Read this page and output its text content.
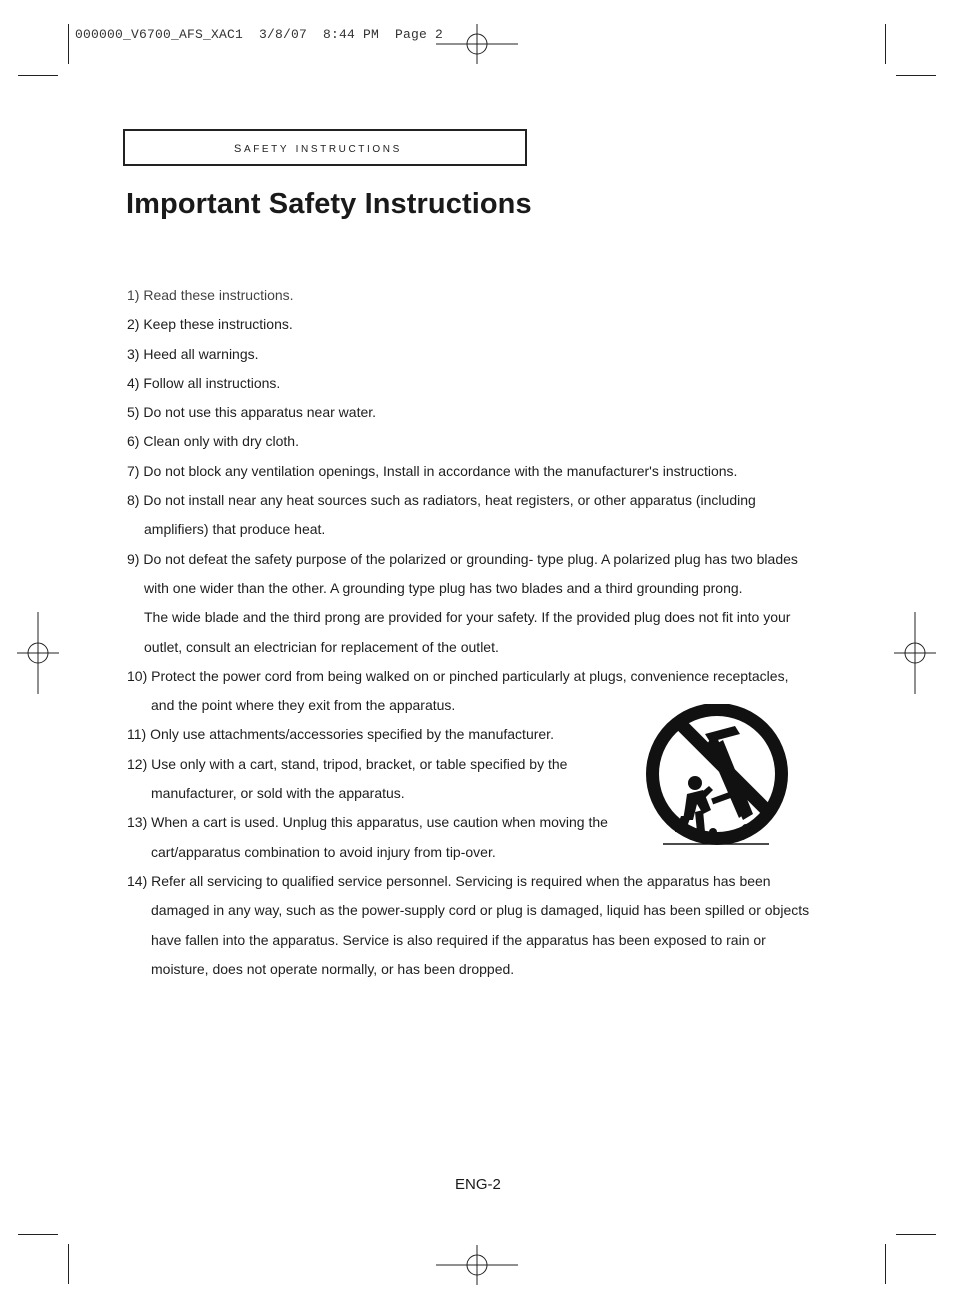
000000_V6700_AFS_XAC1  3/8/07  8:44 PM  Page 2
safety instructions
Important Safety Instructions
1) Read these instructions.
2) Keep these instructions.
3) Heed all warnings.
4) Follow all instructions.
5) Do not use this apparatus near water.
6) Clean only with dry cloth.
7) Do not block any ventilation openings, Install in accordance with the manufacturer's instructions.
8) Do not install near any heat sources such as radiators, heat registers, or other apparatus (including
amplifiers) that produce heat.
9) Do not defeat the safety purpose of the polarized or grounding- type plug. A polarized plug has two blades
with one wider than the other. A grounding type plug has two blades and a third grounding prong.
The wide blade and the third prong are provided for your safety. If the provided plug does not fit into your
outlet, consult an electrician for replacement of the outlet.
10) Protect the power cord from being walked on or pinched particularly at plugs, convenience receptacles,
and the point where they exit from the apparatus.
11) Only use attachments/accessories specified by the manufacturer.
12) Use only with a cart, stand, tripod, bracket, or table specified by the
manufacturer, or sold with the apparatus.
13) When a cart is used. Unplug this apparatus, use caution when moving the
cart/apparatus combination to avoid injury from tip-over.
14) Refer all servicing to qualified service personnel. Servicing is required when the apparatus has been
damaged in any way, such as the power-supply cord or plug is damaged, liquid has been spilled or objects
have fallen into the apparatus. Service is also required if the apparatus has been exposed to rain or
moisture, does not operate normally, or has been dropped.
ENG-2
